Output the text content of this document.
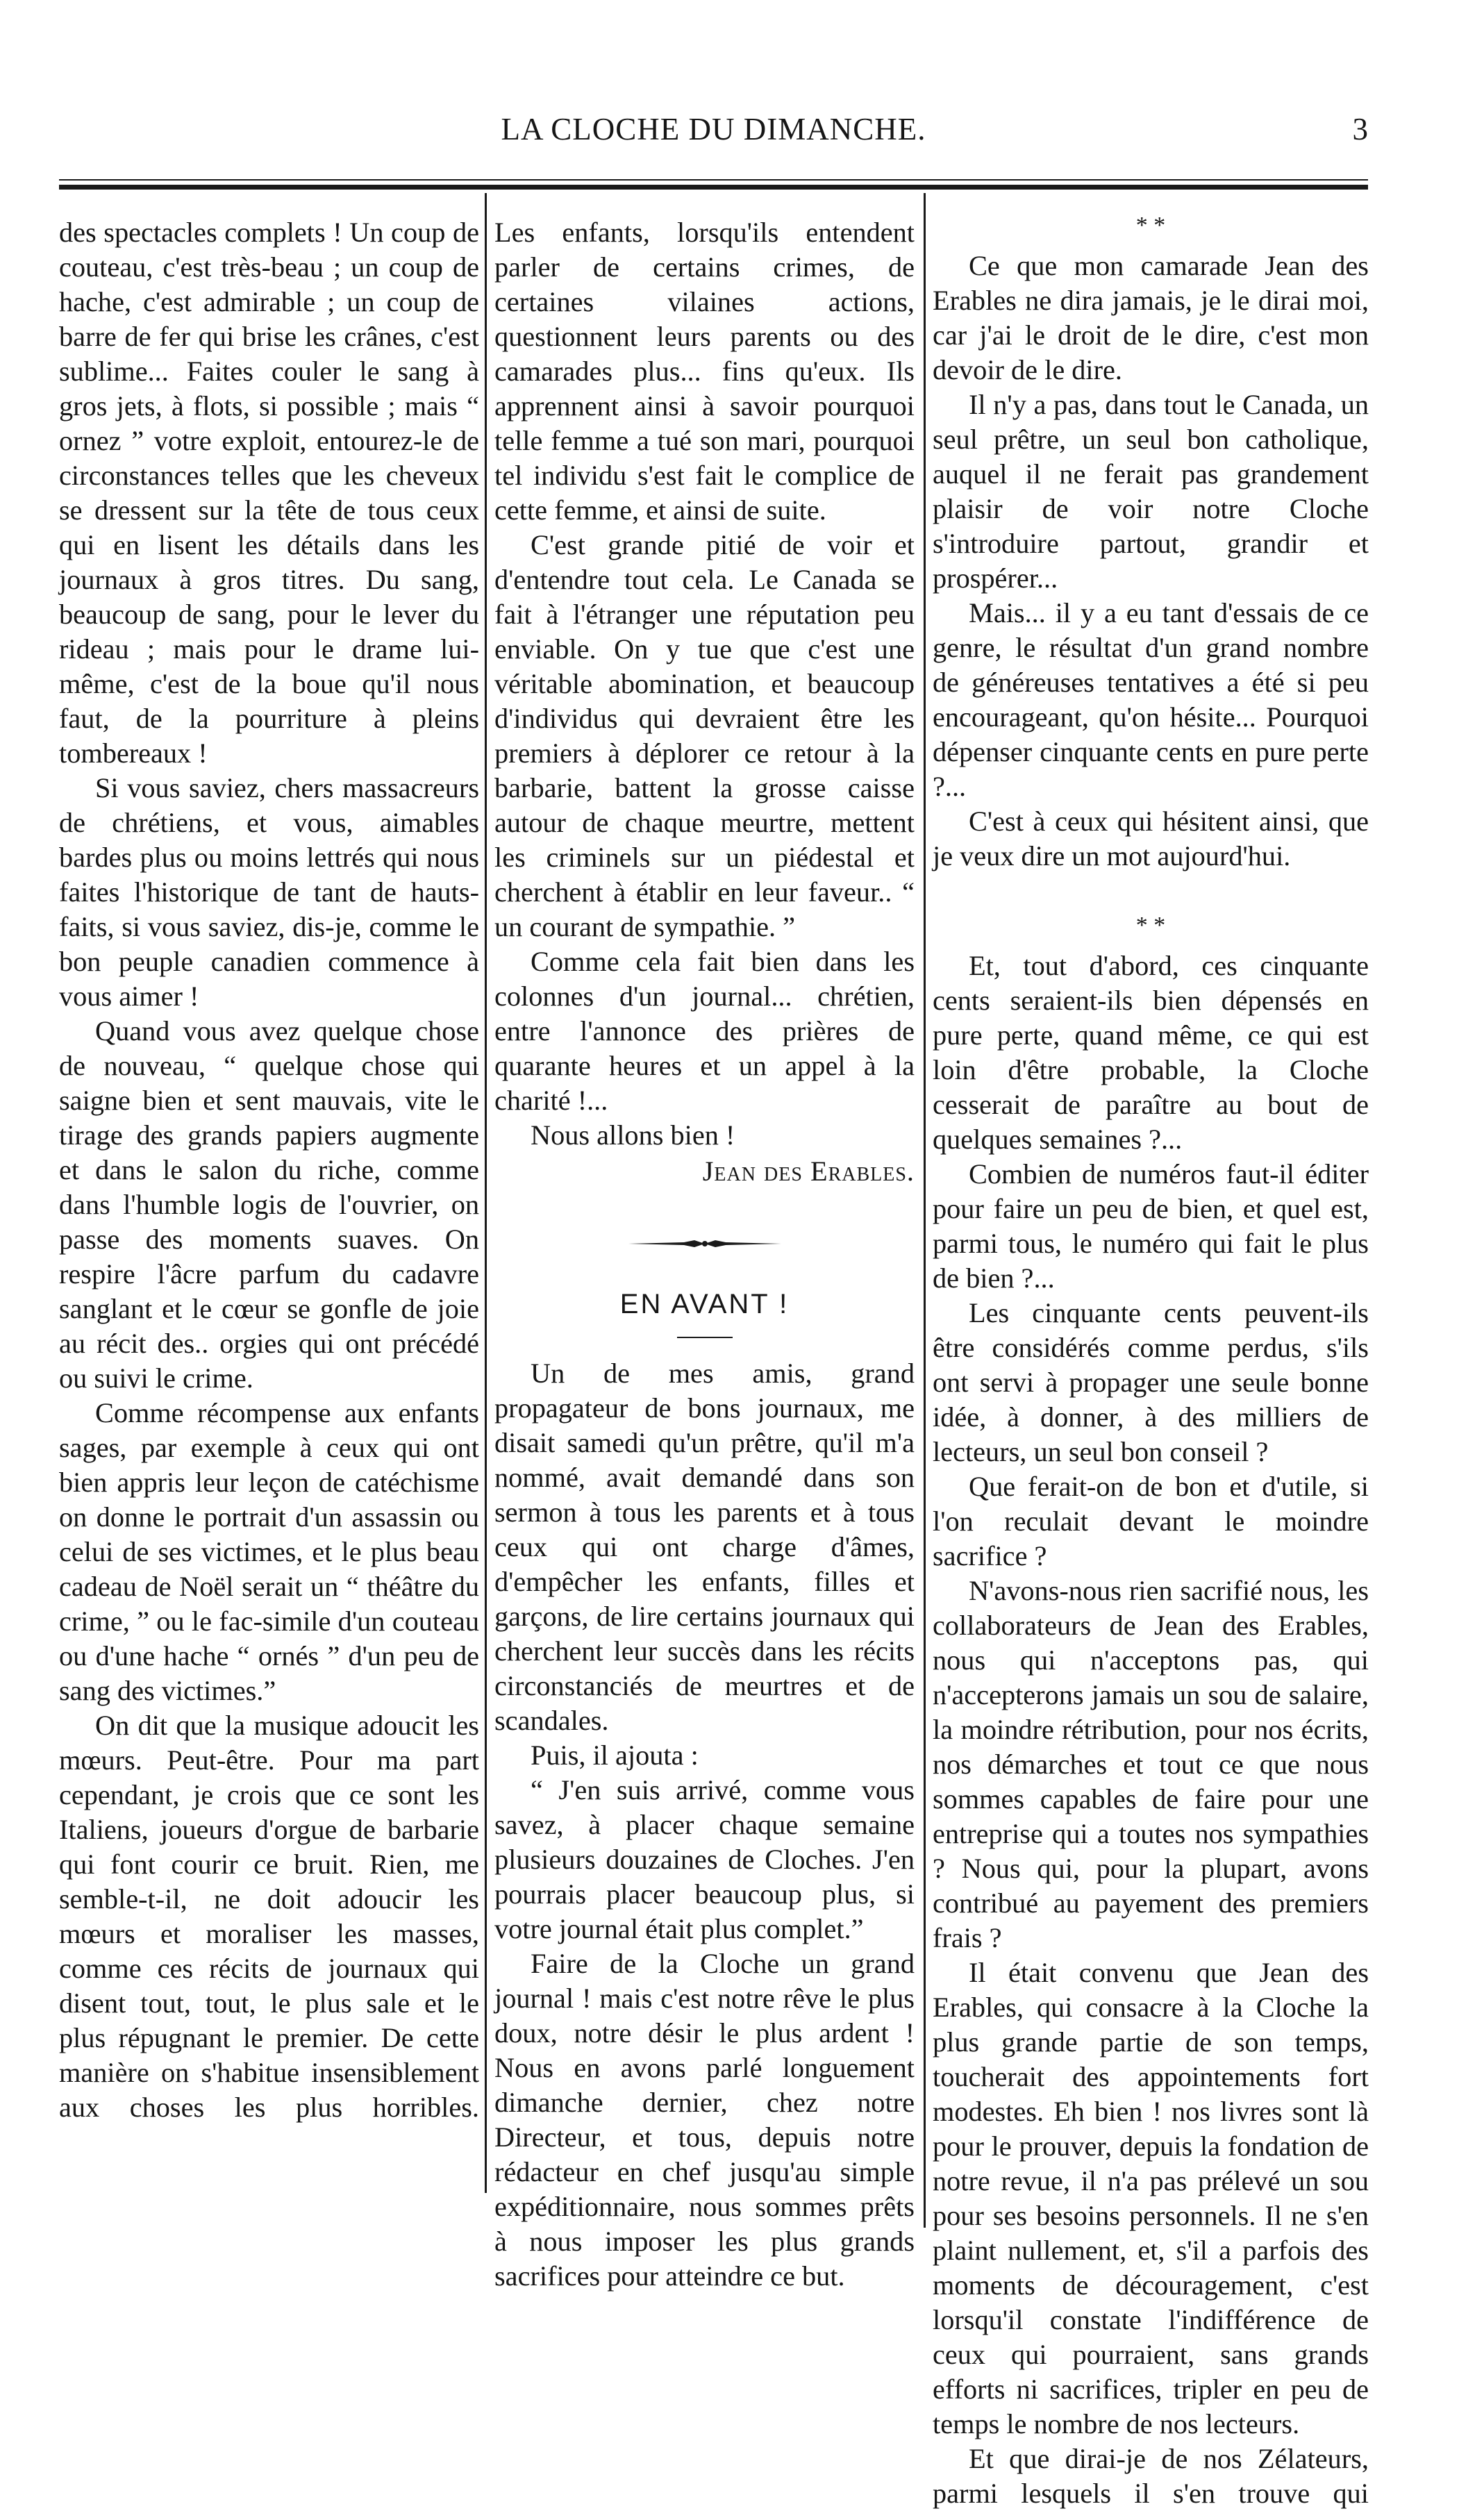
LA CLOCHE DU DIMANCHE.	3

des spectacles complets ! Un coup de couteau, c'est très-beau ; un coup de hache, c'est admirable ; un coup de barre de fer qui brise les crânes, c'est sublime... Faites couler le sang à gros jets, à flots, si possible ; mais “ ornez ” votre exploit, entourez-le de circonstances telles que les cheveux se dressent sur la tête de tous ceux qui en lisent les détails dans les journaux à gros titres. Du sang, beaucoup de sang, pour le lever du rideau ; mais pour le drame lui-même, c'est de la boue qu'il nous faut, de la pourriture à pleins tombereaux !

Si vous saviez, chers massacreurs de chrétiens, et vous, aimables bardes plus ou moins lettrés qui nous faites l'historique de tant de hauts-faits, si vous saviez, dis-je, comme le bon peuple canadien commence à vous aimer !

Quand vous avez quelque chose de nouveau, “ quelque chose qui saigne bien et sent mauvais, vite le tirage des grands papiers augmente et dans le salon du riche, comme dans l'humble logis de l'ouvrier, on passe des moments suaves. On respire l'âcre parfum du cadavre sanglant et le cœur se gonfle de joie au récit des.. orgies qui ont précédé ou suivi le crime.

Comme récompense aux enfants sages, par exemple à ceux qui ont bien appris leur leçon de catéchisme on donne le portrait d'un assassin ou celui de ses victimes, et le plus beau cadeau de Noël serait un “ théâtre du crime, ” ou le fac-simile d'un couteau ou d'une hache “ ornés ” d'un peu de sang des victimes.”

On dit que la musique adoucit les mœurs. Peut-être. Pour ma part cependant, je crois que ce sont les Italiens, joueurs d'orgue de barbarie qui font courir ce bruit. Rien, me semble-t-il, ne doit adoucir les mœurs et moraliser les masses, comme ces récits de journaux qui disent tout, tout, le plus sale et le plus répugnant le premier. De cette manière on s'habitue insensiblement aux choses les plus horribles.

Les enfants, lorsqu'ils entendent parler de certains crimes, de certaines vilaines actions, questionnent leurs parents ou des camarades plus... fins qu'eux. Ils apprennent ainsi à savoir pourquoi telle femme a tué son mari, pourquoi tel individu s'est fait le complice de cette femme, et ainsi de suite.

C'est grande pitié de voir et d'entendre tout cela. Le Canada se fait à l'étranger une réputation peu enviable. On y tue que c'est une véritable abomination, et beaucoup d'individus qui devraient être les premiers à déplorer ce retour à la barbarie, battent la grosse caisse autour de chaque meurtre, mettent les criminels sur un piédestal et cherchent à établir en leur faveur.. “ un courant de sympathie. ”

Comme cela fait bien dans les colonnes d'un journal... chrétien, entre l'annonce des prières de quarante heures et un appel à la charité !...

Nous allons bien !

Jean des Erables.

EN AVANT !

Un de mes amis, grand propagateur de bons journaux, me disait samedi qu'un prêtre, qu'il m'a nommé, avait demandé dans son sermon à tous les parents et à tous ceux qui ont charge d'âmes, d'empêcher les enfants, filles et garçons, de lire certains journaux qui cherchent leur succès dans les récits circonstanciés de meurtres et de scandales.

Puis, il ajouta :

“ J'en suis arrivé, comme vous savez, à placer chaque semaine plusieurs douzaines de Cloches. J'en pourrais placer beaucoup plus, si votre journal était plus complet.”

Faire de la Cloche un grand journal ! mais c'est notre rêve le plus doux, notre désir le plus ardent ! Nous en avons parlé longuement dimanche dernier, chez notre Directeur, et tous, depuis notre rédacteur en chef jusqu'au simple expéditionnaire, nous sommes prêts à nous imposer les plus grands sacrifices pour atteindre ce but.

* *

Ce que mon camarade Jean des Erables ne dira jamais, je le dirai moi, car j'ai le droit de le dire, c'est mon devoir de le dire.

Il n'y a pas, dans tout le Canada, un seul prêtre, un seul bon catholique, auquel il ne ferait pas grandement plaisir de voir notre Cloche s'introduire partout, grandir et prospérer...

Mais... il y a eu tant d'essais de ce genre, le résultat d'un grand nombre de généreuses tentatives a été si peu encourageant, qu'on hésite... Pourquoi dépenser cinquante cents en pure perte ?...

C'est à ceux qui hésitent ainsi, que je veux dire un mot aujourd'hui.

* *

Et, tout d'abord, ces cinquante cents seraient-ils bien dépensés en pure perte, quand même, ce qui est loin d'être probable, la Cloche cesserait de paraître au bout de quelques semaines ?...

Combien de numéros faut-il éditer pour faire un peu de bien, et quel est, parmi tous, le numéro qui fait le plus de bien ?...

Les cinquante cents peuvent-ils être considérés comme perdus, s'ils ont servi à propager une seule bonne idée, à donner, à des milliers de lecteurs, un seul bon conseil ?

Que ferait-on de bon et d'utile, si l'on reculait devant le moindre sacrifice ?

N'avons-nous rien sacrifié nous, les collaborateurs de Jean des Erables, nous qui n'acceptons pas, qui n'accepterons jamais un sou de salaire, la moindre rétribution, pour nos écrits, nos démarches et tout ce que nous sommes capables de faire pour une entreprise qui a toutes nos sympathies ? Nous qui, pour la plupart, avons contribué au payement des premiers frais ?

Il était convenu que Jean des Erables, qui consacre à la Cloche la plus grande partie de son temps, toucherait des appointements fort modestes. Eh bien ! nos livres sont là pour le prouver, depuis la fondation de notre revue, il n'a pas prélevé un sou pour ses besoins personnels. Il ne s'en plaint nullement, et, s'il a parfois des moments de découragement, c'est lorsqu'il constate l'indifférence de ceux qui pourraient, sans grands efforts ni sacrifices, tripler en peu de temps le nombre de nos lecteurs.

Et que dirai-je de nos Zélateurs, parmi lesquels il s'en trouve qui
